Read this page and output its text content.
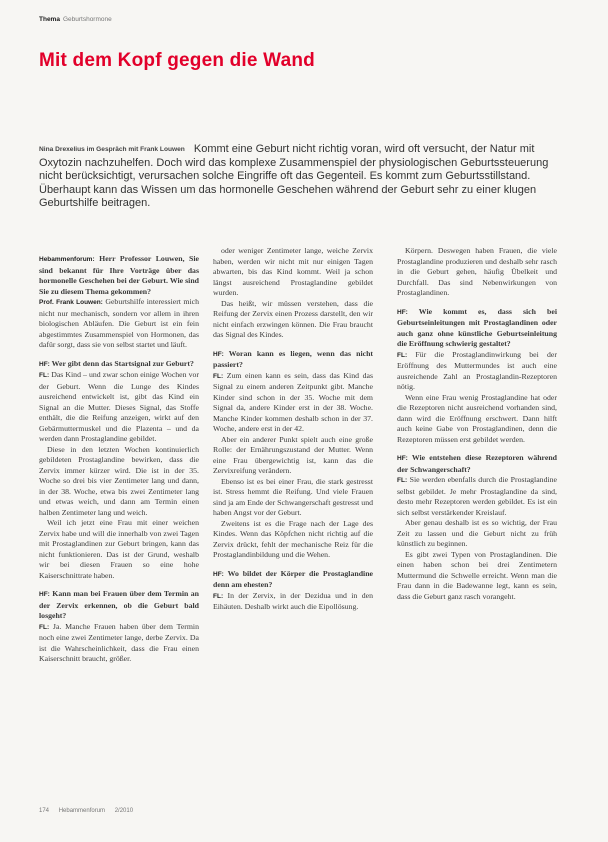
Thema Geburtshormone
Mit dem Kopf gegen die Wand
Nina Drexelius im Gespräch mit Frank Louwen Kommt eine Geburt nicht richtig voran, wird oft versucht, der Natur mit Oxytozin nachzuhelfen. Doch wird das komplexe Zusammenspiel der physiologischen Geburtssteuerung nicht berücksichtigt, verursachen solche Eingriffe oft das Gegenteil. Es kommt zum Geburtsstillstand. Überhaupt kann das Wissen um das hormonelle Geschehen während der Geburt sehr zu einer klugen Geburtshilfe beitragen.

Hebammenforum: Herr Professor Louwen, Sie sind bekannt für Ihre Vorträge über das hormonelle Geschehen bei der Geburt. Wie sind Sie zu diesem Thema gekommen?

Prof. Frank Louwen: Geburtshilfe interessiert mich nicht nur mechanisch, sondern vor allem in ihren biologischen Abläufen. Die Geburt ist ein fein abgestimmtes Zusammenspiel von Hormonen, das dafür sorgt, dass sie von selbst startet und läuft.

HF: Wer gibt denn das Startsignal zur Geburt?

FL: Das Kind – und zwar schon einige Wochen vor der Geburt. Wenn die Lunge des Kindes ausreichend entwickelt ist, gibt das Kind ein Signal an die Mutter. Dieses Signal, das Stoffe enthält, die die Reifung anzeigen, wirkt auf den Gebärmuttermuskel und die Plazenta – und da werden dann Prostaglandine gebildet.

Diese in den letzten Wochen kontinuierlich gebildeten Prostaglandine bewirken, dass die Zervix immer kürzer wird. Die ist in der 35. Woche so drei bis vier Zentimeter lang und dann, in der 38. Woche, etwa bis zwei Zentimeter lang und etwas weich, und dann am Termin einen halben Zentimeter lang und weich.

Weil ich jetzt eine Frau mit einer weichen Zervix habe und will die innerhalb von zwei Tagen mit Prostaglandinen zur Geburt bringen, kann das nicht funktionieren. Das ist der Grund, weshalb wir bei diesen Frauen so eine hohe Kaiserschnittrate haben.

HF: Kann man bei Frauen über dem Termin an der Zervix erkennen, ob die Geburt bald losgeht?

FL: Ja. Manche Frauen haben über dem Termin noch eine zwei Zentimeter lange, derbe Zervix. Da ist die Wahrscheinlichkeit, dass die Frau einen Kaiserschnitt braucht, größer.

oder weniger Zentimeter lange, weiche Zervix haben, werden wir nicht mit nur einigen Tagen abwarten, bis das Kind kommt. Weil ja schon längst ausreichend Prostaglandine gebildet wurden.

Das heißt, wir müssen verstehen, dass die Reifung der Zervix einen Prozess darstellt, den wir nicht einfach erzwingen können. Die Frau braucht das Signal des Kindes.

HF: Woran kann es liegen, wenn das nicht passiert?

FL: Zum einen kann es sein, dass das Kind das Signal zu einem anderen Zeitpunkt gibt. Manche Kinder sind schon in der 35. Woche mit dem Signal da, andere Kinder erst in der 38. Woche. Manche Kinder kommen deshalb schon in der 37. Woche, andere erst in der 42.

Aber ein anderer Punkt spielt auch eine große Rolle: der Ernährungszustand der Mutter. Wenn eine Frau übergewichtig ist, kann das die Zervixreifung verändern.

Ebenso ist es bei einer Frau, die stark gestresst ist. Stress hemmt die Reifung. Und viele Frauen sind ja am Ende der Schwangerschaft gestresst und haben Angst vor der Geburt.

Zweitens ist es die Frage nach der Lage des Kindes. Wenn das Köpfchen nicht richtig auf die Zervix drückt, fehlt der mechanische Reiz für die Prostaglandinbildung und die Wehen.

HF: Wo bildet der Körper die Prostaglandine denn am ehesten?

FL: In der Zervix, in der Dezidua und in den Eihäuten. Deshalb wirkt auch die Eipollösung.

Körpern. Deswegen haben Frauen, die viele Prostaglandine produzieren und deshalb sehr rasch in die Geburt gehen, häufig Übelkeit und Durchfall. Das sind Nebenwirkungen von Prostaglandinen.

HF: Wie kommt es, dass sich bei Geburtseinleitungen mit Prostaglandinen oder auch ganz ohne künstliche Geburtseinleitung die Eröffnung schwierig gestaltet?

FL: Für die Prostaglandinwirkung bei der Eröffnung des Muttermundes ist auch eine ausreichende Zahl an Prostaglandin-Rezeptoren nötig.

Wenn eine Frau wenig Prostaglandine hat oder die Rezeptoren nicht ausreichend vorhanden sind, dann wird die Eröffnung erschwert. Dann hilft auch keine Gabe von Prostaglandinen, denn die Rezeptoren müssen erst gebildet werden.

HF: Wie entstehen diese Rezeptoren während der Schwangerschaft?

FL: Sie werden ebenfalls durch die Prostaglandine selbst gebildet. Je mehr Prostaglandine da sind, desto mehr Rezeptoren werden gebildet. Es ist ein sich selbst verstärkender Kreislauf.

Aber genau deshalb ist es so wichtig, der Frau Zeit zu lassen und die Geburt nicht zu früh künstlich zu beginnen.

Es gibt zwei Typen von Prostaglandinen. Die einen haben schon bei drei Zentimetern Muttermund die Schwelle erreicht. Wenn man die Frau dann in die Badewanne legt, kann es sein, dass die Geburt ganz rasch vorangeht.

174 Hebammenforum 2/2010
